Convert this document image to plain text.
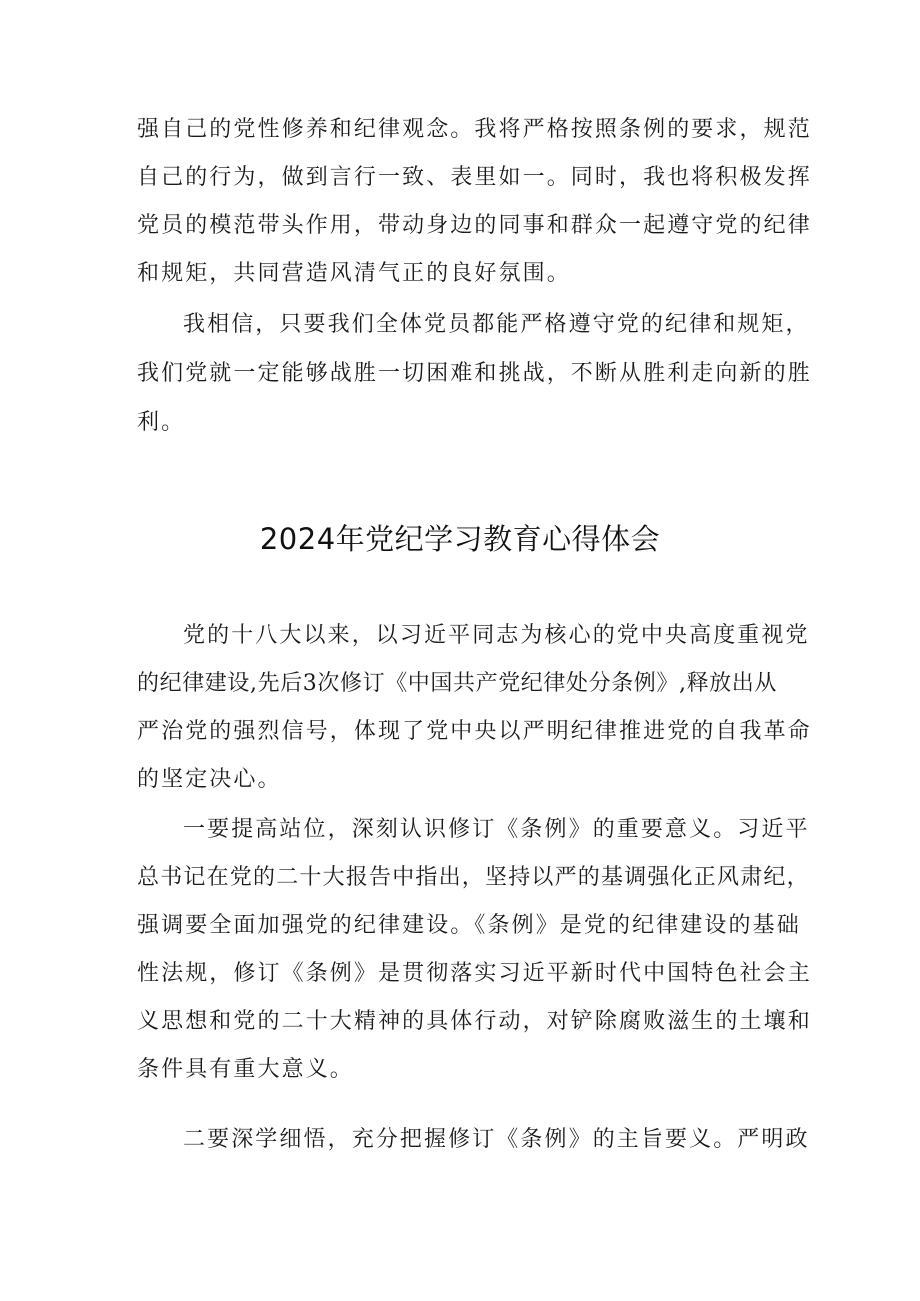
强自己的党性修养和纪律观念。我将严格按照条例的要求，规范
自己的行为，做到言行一致、表里如一。同时，我也将积极发挥
党员的模范带头作用，带动身边的同事和群众一起遵守党的纪律
和规矩，共同营造风清气正的良好氛围。
我相信，只要我们全体党员都能严格遵守党的纪律和规矩，
我们党就一定能够战胜一切困难和挑战，不断从胜利走向新的胜
利。
2024年党纪学习教育心得体会
党的十八大以来，以习近平同志为核心的党中央高度重视党
的纪律建设,先后3次修订《中国共产党纪律处分条例》,释放出从
严治党的强烈信号，体现了党中央以严明纪律推进党的自我革命
的坚定决心。
一要提高站位，深刻认识修订《条例》的重要意义。习近平
总书记在党的二十大报告中指出，坚持以严的基调强化正风肃纪，
强调要全面加强党的纪律建设。《条例》是党的纪律建设的基础
性法规，修订《条例》是贯彻落实习近平新时代中国特色社会主
义思想和党的二十大精神的具体行动，对铲除腐败滋生的土壤和
条件具有重大意义。
二要深学细悟，充分把握修订《条例》的主旨要义。严明政
